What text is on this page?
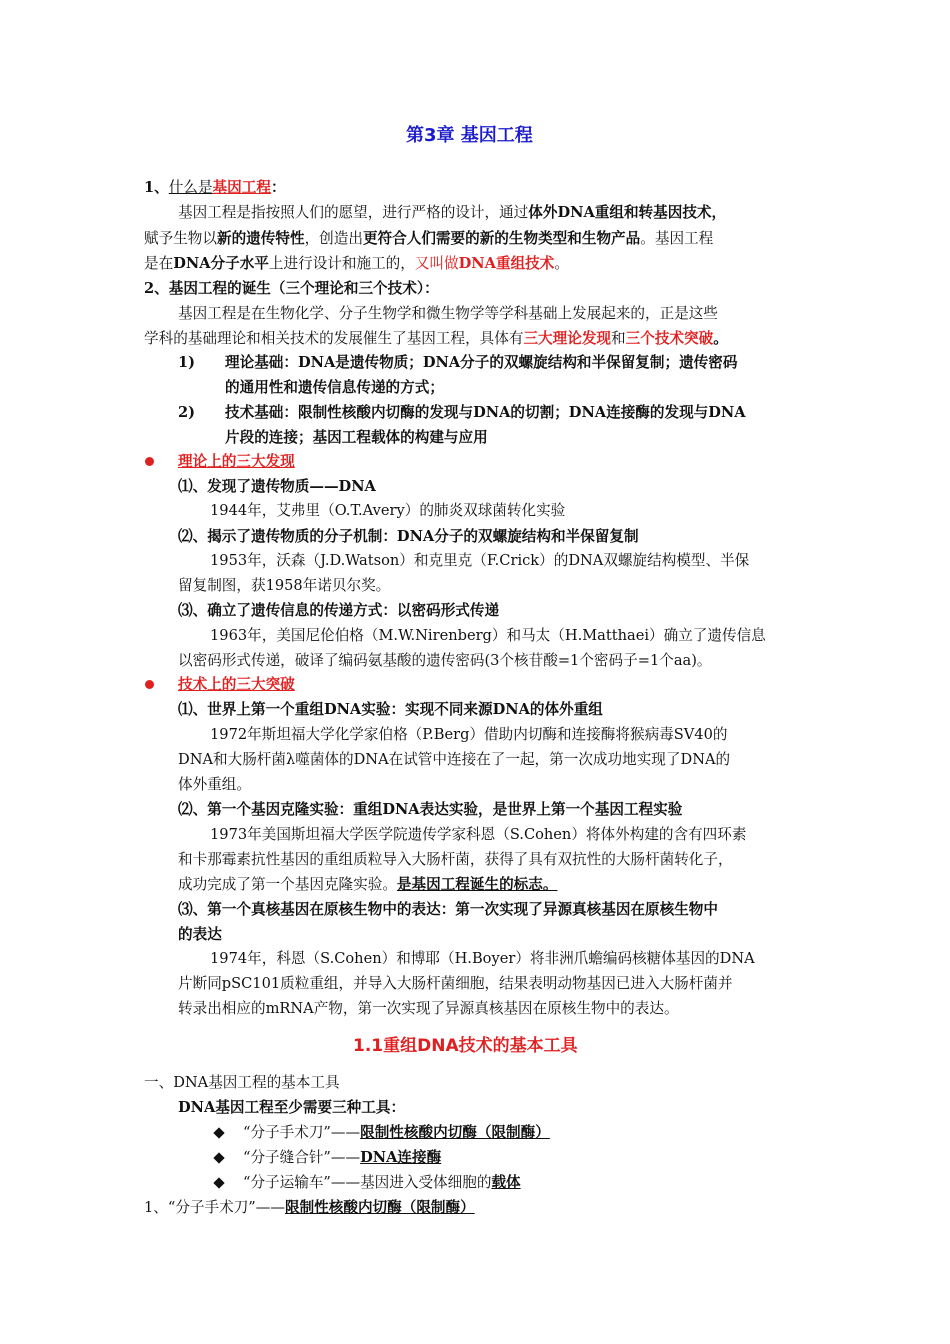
第3章 基因工程
1、什么是基因工程：
基因工程是指按照人们的愿望，进行严格的设计，通过体外DNA重组和转基因技术，
赋予生物以新的遗传特性，创造出更符合人们需要的新的生物类型和生物产品。基因工程
是在DNA分子水平上进行设计和施工的，又叫做DNA重组技术。
2、基因工程的诞生（三个理论和三个技术）：
基因工程是在生物化学、分子生物学和微生物学等学科基础上发展起来的，正是这些
学科的基础理论和相关技术的发展催生了基因工程，具体有三大理论发现和三个技术突破。
1) 理论基础：DNA是遗传物质；DNA分子的双螺旋结构和半保留复制；遗传密码
的通用性和遗传信息传递的方式；
2) 技术基础：限制性核酸内切酶的发现与DNA的切割；DNA连接酶的发现与DNA
片段的连接；基因工程载体的构建与应用
理论上的三大发现
⑴、发现了遗传物质——DNA
1944年，艾弗里（O.T.Avery）的肺炎双球菌转化实验
⑵、揭示了遗传物质的分子机制：DNA分子的双螺旋结构和半保留复制
1953年，沃森（J.D.Watson）和克里克（F.Crick）的DNA双螺旋结构模型、半保
留复制图，获1958年诺贝尔奖。
⑶、确立了遗传信息的传递方式：以密码形式传递
1963年，美国尼伦伯格（M.W.Nirenberg）和马太（H.Matthaei）确立了遗传信息
以密码形式传递，破译了编码氨基酸的遗传密码(3个核苷酸=1个密码子=1个aa)。
技术上的三大突破
⑴、世界上第一个重组DNA实验：实现不同来源DNA的体外重组
1972年斯坦福大学化学家伯格（P.Berg）借助内切酶和连接酶将猴病毒SV40的
DNA和大肠杆菌λ噬菌体的DNA在试管中连接在了一起，第一次成功地实现了DNA的
体外重组。
⑵、第一个基因克隆实验：重组DNA表达实验，是世界上第一个基因工程实验
1973年美国斯坦福大学医学院遗传学家科恩（S.Cohen）将体外构建的含有四环素
和卡那霉素抗性基因的重组质粒导入大肠杆菌，获得了具有双抗性的大肠杆菌转化子，
成功完成了第一个基因克隆实验。是基因工程诞生的标志。
⑶、第一个真核基因在原核生物中的表达：第一次实现了异源真核基因在原核生物中
的表达
1974年，科恩（S.Cohen）和博耶（H.Boyer）将非洲爪蟾编码核糖体基因的DNA
片断同pSC101质粒重组，并导入大肠杆菌细胞，结果表明动物基因已进入大肠杆菌并
转录出相应的mRNA产物，第一次实现了异源真核基因在原核生物中的表达。
1.1重组DNA技术的基本工具
一、DNA基因工程的基本工具
DNA基因工程至少需要三种工具：
“分子手术刀”——限制性核酸内切酶（限制酶）
“分子缝合针”——DNA连接酶
“分子运输车”——基因进入受体细胞的载体
1、“分子手术刀”——限制性核酸内切酶（限制酶）
